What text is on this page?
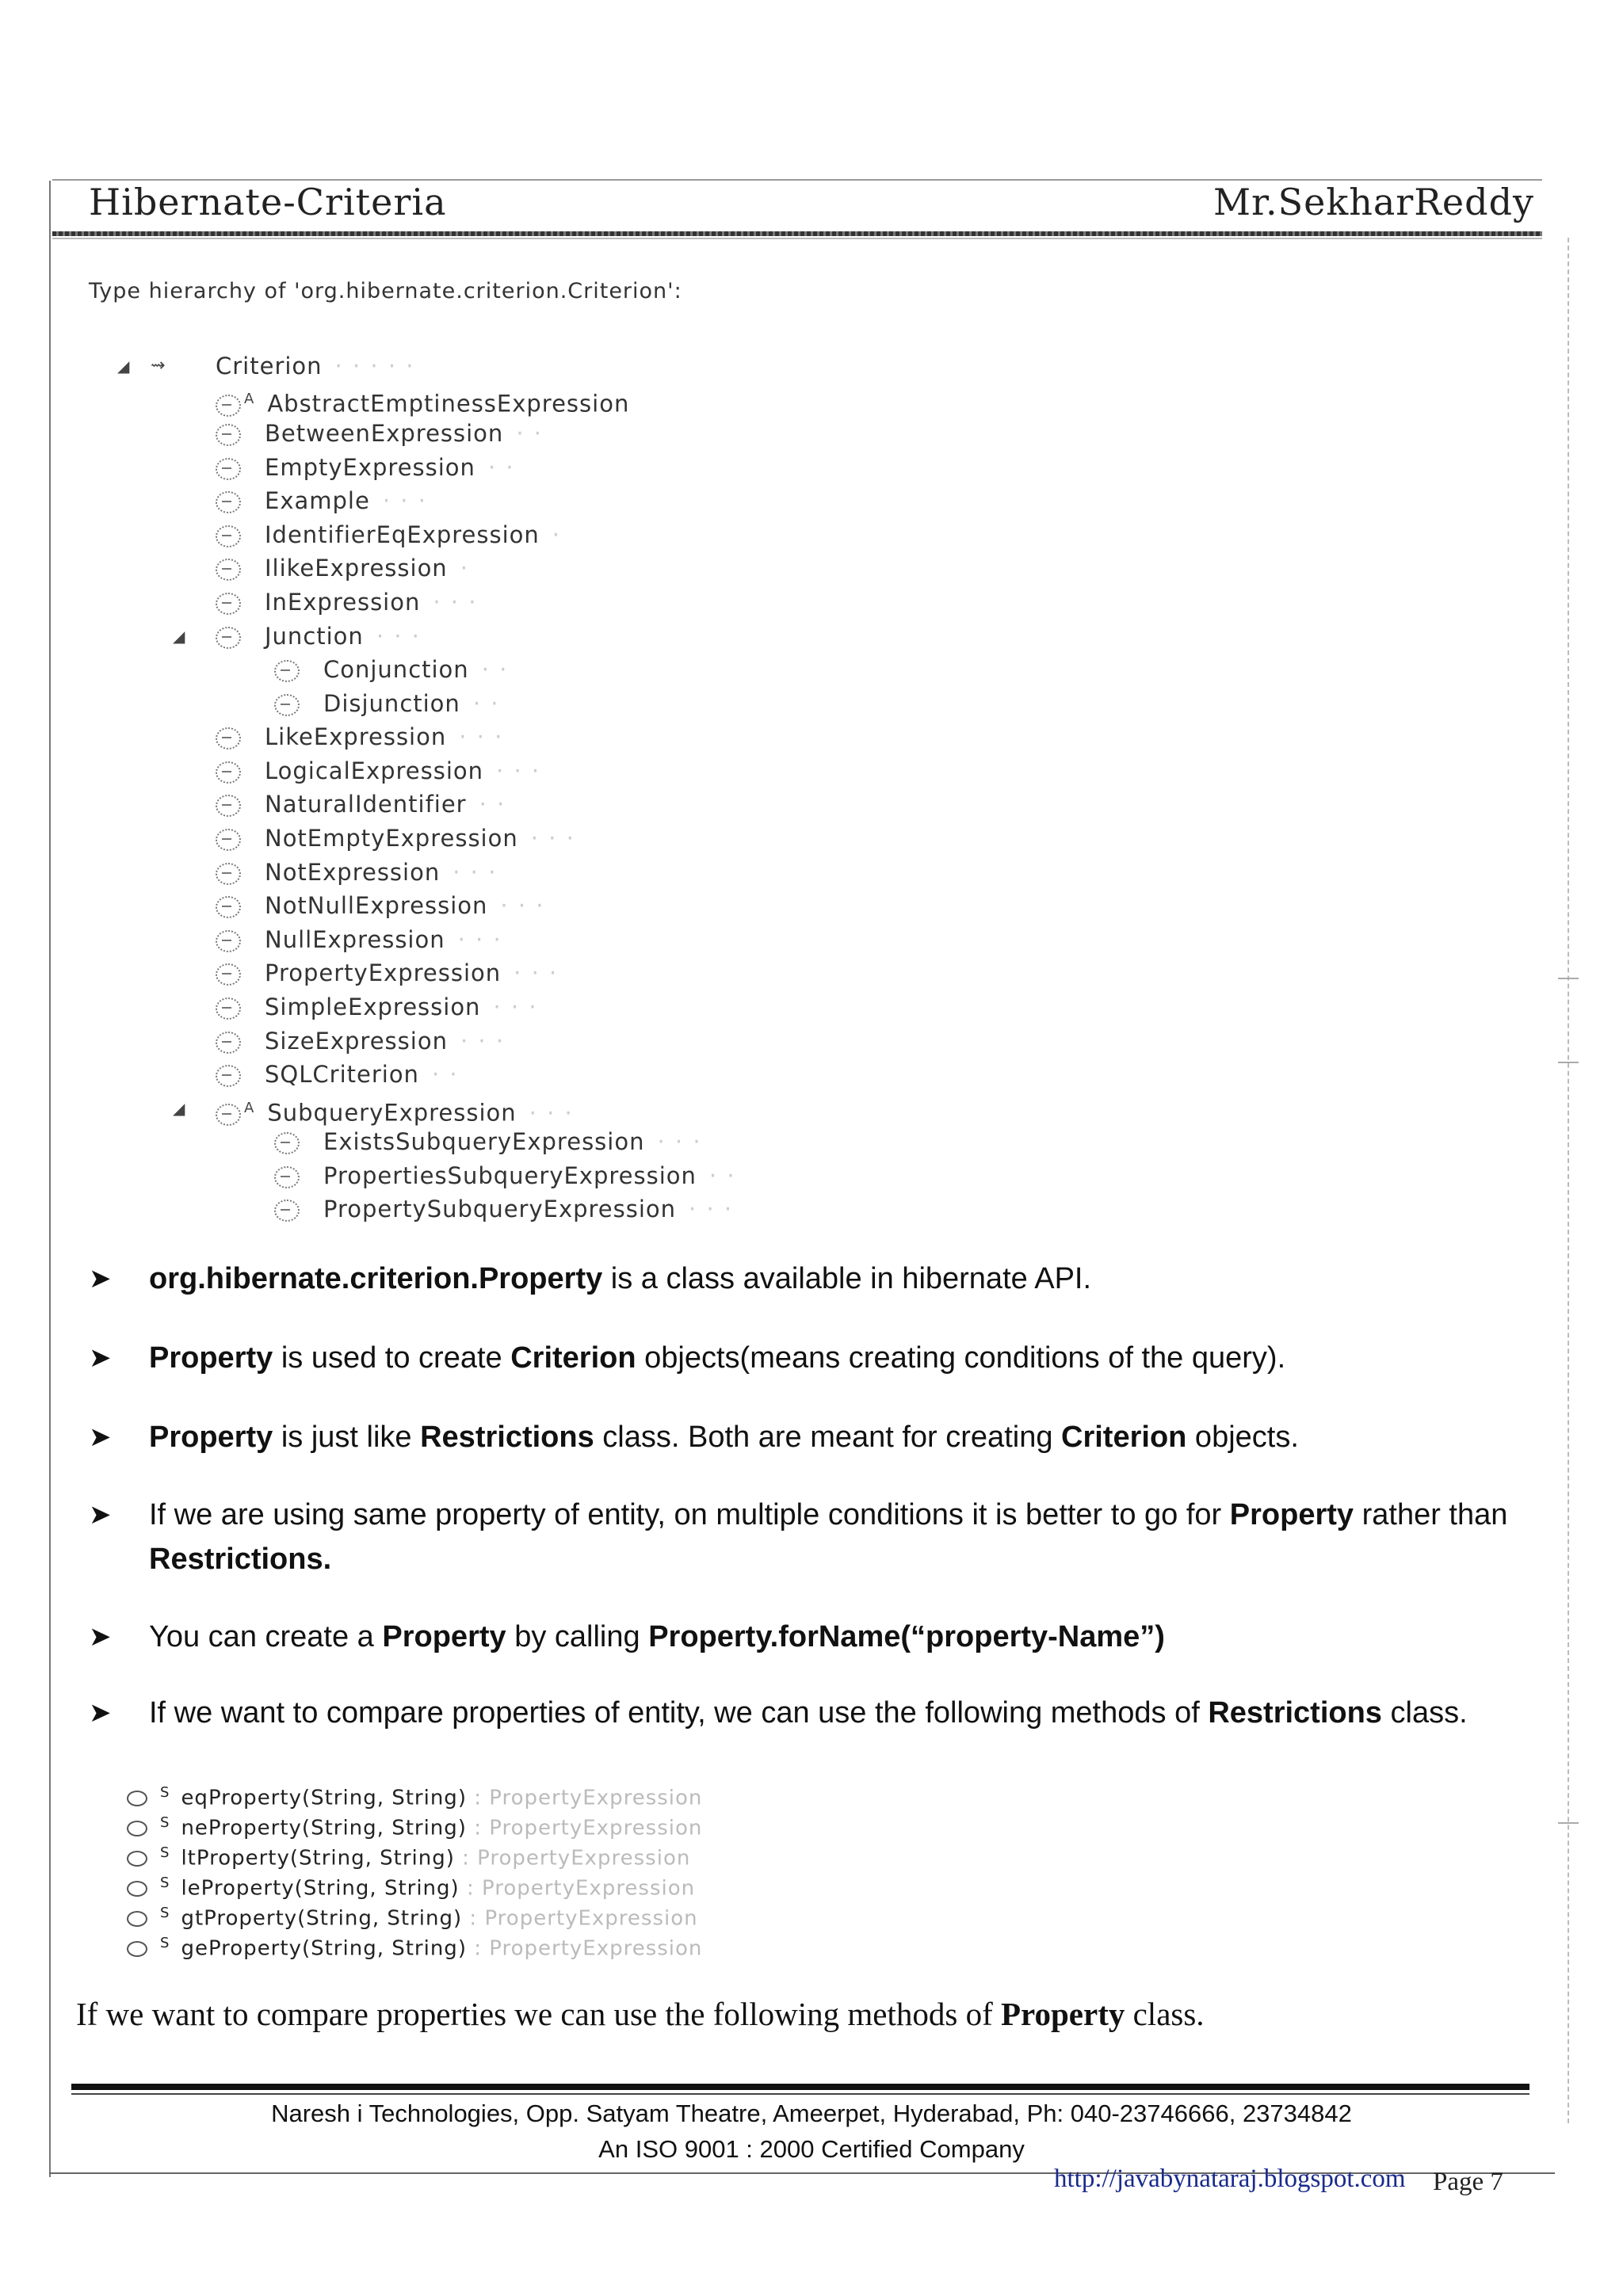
Hibernate-Criteria	Mr.SekharReddy
Type hierarchy of 'org.hibernate.criterion.Criterion':
◢ ⇝ Criterion · · · · ·
$^A$ AbstractEmptinessExpression
BetweenExpression · ·
EmptyExpression · ·
Example · · ·
IdentifierEqExpression ·
IlikeExpression ·
InExpression · · ·
◢	Junction · · ·
Conjunction · ·
Disjunction · ·
LikeExpression · · ·
LogicalExpression · · ·
NaturalIdentifier · ·
NotEmptyExpression · · ·
NotExpression · · ·
NotNullExpression · · ·
NullExpression · · ·
PropertyExpression · · ·
SimpleExpression · · ·
SizeExpression · · ·
SQLCriterion · ·
◢	$^A$ SubqueryExpression · · ·
ExistsSubqueryExpression · · ·
PropertiesSubqueryExpression · ·
PropertySubqueryExpression · · ·
➤ org.hibernate.criterion.Property is a class available in hibernate API.
➤ Property is used to create Criterion objects(means creating conditions of the query).
➤ Property is just like Restrictions class. Both are meant for creating Criterion objects.
➤ If we are using same property of entity, on multiple conditions it is better to go for Property rather than Restrictions.
➤ You can create a Property by calling Property.forName(“property-Name”)
➤ If we want to compare properties of entity, we can use the following methods of Restrictions class.
$^S$ eqProperty(String, String) : PropertyExpression
$^S$ neProperty(String, String) : PropertyExpression
$^S$ ltProperty(String, String) : PropertyExpression
$^S$ leProperty(String, String) : PropertyExpression
$^S$ gtProperty(String, String) : PropertyExpression
$^S$ geProperty(String, String) : PropertyExpression
If we want to compare properties we can use the following methods of Property class.
Naresh i Technologies, Opp. Satyam Theatre, Ameerpet, Hyderabad, Ph: 040-23746666, 23734842
An ISO 9001 : 2000 Certified Company
http://javabynataraj.blogspot.com Page 7
